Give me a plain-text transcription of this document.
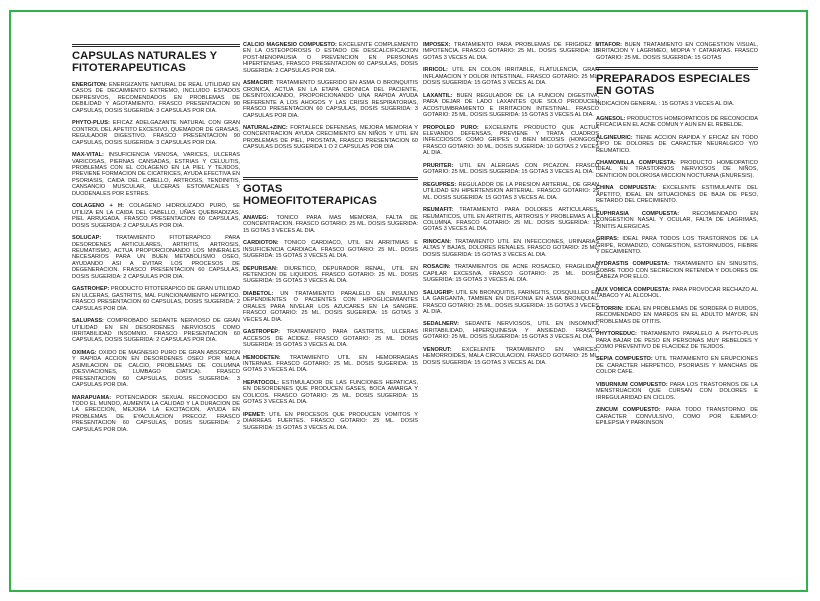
CAPSULAS NATURALES Y FITOTERAPEUTICAS
ENERGITON: ENERGIZANTE NATURAL DE REAL UTILIDAD EN CASOS DE DECAIMIENTO EXTREMO, INCLUIDO ESTADOS DEPRESIVOS, RECOMENDADOS EN PROBLEMAS DE DEBILIDAD Y AGOTAMIENTO. FRASCO PRESENTACION 90 CAPSULAS, DOSIS SUGERIDA: 3 CAPSULAS POR DIA.
PHYTO-PLUS: EFICAZ ADELGAZANTE NATURAL CON GRAN CONTROL DEL APETITO EXCESIVO, QUEMADOR DE GRASAS, REGULADOR DIGESTIVO. FRASCO PRESENTACION 90 CAPSULAS, DOSIS SUGERIDA: 3 CAPSULAS POR DIA.
MAX-VITAL: INSUFICIENCIA VENOSA, VARICES, ULCERAS VARICOSAS, PIERNAS CANSADAS, ESTRIAS Y CELULITIS, PROBLEMAS CON EL COLAGENO EN LA PIEL Y TEJIDOS, PREVIENE FORMACION DE CICATRICES, AYUDA EFECTIVA EN PSORIASIS, CAIDA DEL CABELLO, ARTROSIS, TENDINITIS, CANSANCIO MUSCULAR, ULCERAS ESTOMACALES Y DUODENALES POR ESTRES.
COLAGENO + H: COLAGENO HIDROLIZADO PURO, SE UTILIZA EN LA CAIDA DEL CABELLO, UÑAS QUEBRADIZAS, PIEL ARRUGADA. FRASCO PRESENTACION 60 CAPSULAS, DOSIS SUGERIDA: 2 CAPSULAS POR DIA.
SOLUCAP: TRATAMIENTO FITOTERAPICO PARA DESORDENES ARTICULARES, ARTRITIS, ARTROSIS, REUMATISMO, ACTUA PROPORCIONANDO LOS MINERALES NECESARIOS PARA UN BUEN METABOLISMO OSEO, AYUDANDO ASI A EVITAR LOS PROCESOS DE DEGENERACION. FRASCO PRESENTACION 60 CAPSULAS, DOSIS SUGERIDA: 2 CAPSULAS POR DIA.
GASTROHEP: PRODUCTO FITOTERAPICO DE GRAN UTILIDAD EN ULCERAS, GASTRITIS, MAL FUNCIONAMIENTO HEPATICO. FRASCO PRESENTACION 60 CAPSULAS, DOSIS SUGERIDA: 2 CAPSULAS POR DIA.
SALUPASS: COMPROBADO SEDANTE NERVIOSO DE GRAN UTILIDAD EN EN DESORDENES NERVIOSOS COMO IRRITABILIDAD INSOMNIO. FRASCO PRESENTACION 60 CAPSULAS, DOSIS SUGERIDA: 2 CAPSULAS POR DIA.
OXIMAG: OXIDO DE MAGNESIO PURO DE GRAN ABSORCION Y RAPIDA ACCION EN DESORDENES OSEO POR MALA ASIMILACION DE CALCIO, PROBLEMAS DE COLUMNA (DESVIACIONES, LUMBAGO CIATICA). FRASCO PRESENTACION 60 CAPSULAS, DOSIS SUGERIDA: 3 CAPSULAS POR DIA.
MARAPUAMA: POTENCIADOR SEXUAL RECONOCIDO EN TODO EL MUNDO, AUMENTA LA CALIDAD Y LA DURACION DE LA ERECCION, MEJORA LA EXCITACION, AYUDA EN PROBLEMAS DE EYACULACION PRECOZ. FRASCO PRESENTACION 60 CAPSULAS, DOSIS SUGERIDA: 2 CAPSULAS POR DIA.
CALCIO MAGNESIO COMPUESTO: EXCELENTE COMPLEMENTO EN LA OSTEOPOROSIS O ESTADO DE DESCALCIFICACION POST-MENOPAUSIA O PREVENCION EN PERSONAS HIPERTENSAS, FRASCO PRESENTACION 60 CAPSULAS, DOSIS SUGERIDA: 2 CAPSULAS POR DIA.
ASMACRIT: TRATAMIENTO SUGERIDO EN ASMA O BRONQUITIS CRONICA, ACTUA EN LA ETAPA CRONICA DEL PACIENTE, DESINTOXICANDO, PROPORCIONANDO UNA RAPIDA AYUDA REFERENTE A LOS AHOGOS Y LAS CRISIS RESPIRATORIAS, FRASCO PRESENTACION 60 CAPSULAS, DOSIS SUGERIDA: 3 CAPSULAS POR DIA.
NATURAL+ZINC: FORTALECE DEFENSAS, MEJORA MEMORIA Y CONCENTRACION AYUDA CRECIMIENTO EN NIÑOS Y UTIL EN PROBLEMAS DE PIEL, PROSTATA, FRASCO PRESENTACION 60 CAPSULAS DOSIS SUGERIDA 1 O 2 CAPSULAS POR DIA
GOTAS HOMEOFITOTERAPICAS
ANAVEG: TONICO PARA MAS MEMORIA, FALTA DE CONCENTRACION. FRASCO GOTARIO: 25 ML. DOSIS SUGERIDA: 15 GOTAS 3 VECES AL DIA.
CARDIOTON: TONICO CARDIACO, UTIL EN ARRITMIAS E INSUFICIENCIA CARDIACA. FRASCO GOTARIO: 25 ML. DOSIS SUGERIDA: 15 GOTAS 3 VECES AL DIA.
DEPURISAN: DIURETICO, DEPURADOR RENAL, UTIL EN RETENCION DE LIQUIDOS. FRASCO GOTARIO: 25 ML. DOSIS SUGERIDA: 15 GOTAS 3 VECES AL DIA.
DIABETOL: UN TRATAMIENTO PARALELO EN INSULINO DEPENDIENTES O PACIENTES CON HIPOGLICEMIANTES ORALES PARA NIVELAR LOS AZUCARES EN LA SANGRE. FRASCO GOTARIO: 25 ML. DOSIS SUGERIDA: 15 GOTAS 3 VECES AL DIA.
GASTROPEP: TRATAMIENTO PARA GASTRITIS, ULCERAS ACCESOS DE ACIDEZ. FRASCO GOTARIO: 25 ML. DOSIS SUGERIDA: 15 GOTAS 3 VECES AL DIA.
HEMODETEN: TRATAMIENTO UTIL EN HEMORRAGIAS INTERNAS. FRASCO GOTARIO: 25 ML. DOSIS SUGERIDA: 15 GOTAS 3 VECES AL DIA.
HEPATOCOL: ESTIMULADOR DE LAS FUNCIONES HEPATICAS, EN DESORDENES QUE PRODUCEN GASES, BOCA AMARGA Y COLICOS. FRASCO GOTARIO: 25 ML. DOSIS SUGERIDA: 15 GOTAS 3 VECES AL DIA.
IPEMET: UTIL EN PROCESOS QUE PRODUCEN VOMITOS Y DIARREAS FUERTES. FRASCO GOTARIO: 25 ML. DOSIS SUGERIDA: 15 GOTAS 3 VECES AL DIA.
IMPOSEX: TRATAMIENTO PARA PROBLEMAS DE FRIGIDEZ E IMPOTENCIA. FRASCO GOTARIO: 25 ML. DOSIS SUGERIDA: 15 GOTAS 3 VECES AL DIA.
IRRICOL: UTIL EN COLON IRRITABLE, FLATULENCIA, GRAN INFLAMACION Y DOLOR INTESTINAL. FRASCO GOTARIO: 25 ML. DOSIS SUGERIDA: 15 GOTAS 3 VECES AL DIA.
LAXANTIL: BUEN REGULADOR DE LA FUNCION DIGESTIVA, PARA DEJAR DE LADO LAXANTES QUE SOLO PRODUCEN ACOSTUMBRAMIENTO E IRRITACION INTESTINAL. FRASCO GOTARIO: 25 ML. DOSIS SUGERIDA: 15 GOTAS 3 VECES AL DIA.
PROPOLEO PURO: EXCELENTE PRODUCTO QUE ACTUA ELEVANDO DEFENSAS, PREVIENE Y TRATA CUADROS INFECCIOSOS COMO GRIPES O BIEN MICOSIS (HONGOS). FRASCO GOTARIO: 30 ML. DOSIS SUGERIDA: 10 GOTAS 2 VECES AL DIA.
PRURITER: UTIL EN ALERGIAS CON PICAZON. FRASCO GOTARIO: 25 ML. DOSIS SUGERIDA: 15 GOTAS 3 VECES AL DIA.
REGUPRES: REGULADOR DE LA PRESION ARTERIAL, DE GRAN UTILIDAD EN HIPERTENSION ARTERIAL. FRASCO GOTARIO: 25 ML. DOSIS SUGERIDA: 15 GOTAS 3 VECES AL DIA.
REUMAFIT: TRATAMIENTO PARA DOLORES ARTICULARES, REUMATICOS, UTIL EN ARTRITIS, ARTROSIS Y PROBLEMAS A LA COLUMNA. FRASCO GOTARIO: 25 ML. DOSIS SUGERIDA: 15 GOTAS 3 VECES AL DIA.
RINOCAN: TRATAMIENTO UTIL EN INFECCIONES, URINARIAS ALTAS Y BAJAS, DOLORES RENALES. FRASCO GOTARIO: 25 ML. DOSIS SUGERIDA: 15 GOTAS 3 VECES AL DIA.
ROSACIN: TRATAMIENTOS DE ACNE ROSACEO, FRAGILIDAD CAPILAR EXCESIVA. FRASCO GOTARIO: 25 ML. DOSIS SUGERIDA: 15 GOTAS 3 VECES AL DIA.
SALUGRIP: UTIL EN BRONQUITIS, FARINGITIS, COSQUILLEO EN LA GARGANTA, TAMBIEN EN DISFONIA EN ASMA BRONQUIAL. FRASCO GOTARIO: 25 ML. DOSIS SUGERIDA: 15 GOTAS 3 VECES AL DIA.
SEDALNERV: SEDANTE NERVIOSOS, UTIL EN INSOMNIO, IRRITABILIDAD, HIPERQUINESIA Y ANSIEDAD. FRASCO GOTARIO: 25 ML. DOSIS SUGERIDA: 15 GOTAS 3 VECES AL DIA.
VENORUT: EXCELENTE TRATAMIENTO EN VARICES, HEMORROIDES, MALA CIRCULACION. FRASCO GOTARIO: 25 ML. DOSIS SUGERIDA: 15 GOTAS 3 VECES AL DIA.
VITAFOR: BUEN TRATAMIENTO EN CONGESTION VISUAL, IRRITACION Y LAGRIMEO, MIOPIA Y CATARATAS. FRASCO GOTARIO: 25 ML. DOSIS SUGERIDA: 15 GOTAS
PREPARADOS ESPECIALES EN GOTAS
INDICACION GENERAL : 15 GOTAS 3 VECES AL DIA.
AGNESOL: PRODUCTOS HOMEOPATICOS DE RECONOCIDA EFICACIA EN EL ACNE COMUN Y AUN EN EL REBELDE.
ALGINEURIC: TIENE ACCION RAPIDA Y EFICAZ EN TODO TIPO DE DOLORES DE CARACTER NEURALGICO Y/O REUMATICO.
CHAMOMILLA COMPUESTA: PRODUCTO HOMEOPATICO IDEAL EN TRASTORNOS NERVIOSOS DE NIÑOS, DENTICION DOLOROSA MICCION NOCTURNA (ENURESIS).
CHINA COMPUESTA: EXCELENTE ESTIMULANTE DEL APETITO, IDEAL EN SITUACIONES DE BAJA DE PESO, RETARDO DEL CRECIMIENTO.
EUPHRASIA COMPUESTA: RECOMENDADO EN CONGESTION NASAL Y OCULAR, FALTA DE LAGRIMAS, RINITIS ALERGICAS.
GRIPAS: IDEAL PARA TODOS LOS TRASTORNOS DE LA GRIPE, ROMADIZO, CONGESTION, ESTORNUDOS, FIEBRE Y DECAIMIENTO.
HYDRASTIS COMPUESTA: TRATAMIENTO EN SINUSITIS, SOBRE TODO CON SECRECION RETENIDA Y DOLORES DE CABEZA POR ELLO.
NUX VOMICA COMPUESTA: PARA PROVOCAR RECHAZO AL TABACO Y AL ALCOHOL.
OTORRIN: IDEAL EN PROBLEMAS DE SORDERA O RUIDOS, RECOMENDADO EN MAREOS EN EL ADULTO MAYOR, EN PROBLEMAS DE OTITIS.
PHYTOREDUC: TRATAMIENTO PARALELO A PHYTO-PLUS PARA BAJAR DE PESO EN PERSONAS MUY REBELDES Y COMO PREVENTIVO DE FLACIDEZ DE TEJIDOS.
SEPIA COMPUESTO: UTIL TRATAMIENTO EN ERUPCIONES DE CARACTER HERPETICO, PSORIASIS Y MANCHAS DE COLOR CAFE.
VIBURNIUM COMPUESTO: PARA LOS TRASTORNOS DE LA MENSTRUACION QUE CURSAN CON DOLORES E IRREGULARIDAD EN CICLOS.
ZINCUM COMPUESTO: PARA TODO TRANSTORNO DE CARACTER CONVULSIVO, COMO POR EJEMPLO: EPILEPSIA Y PARKINSON
